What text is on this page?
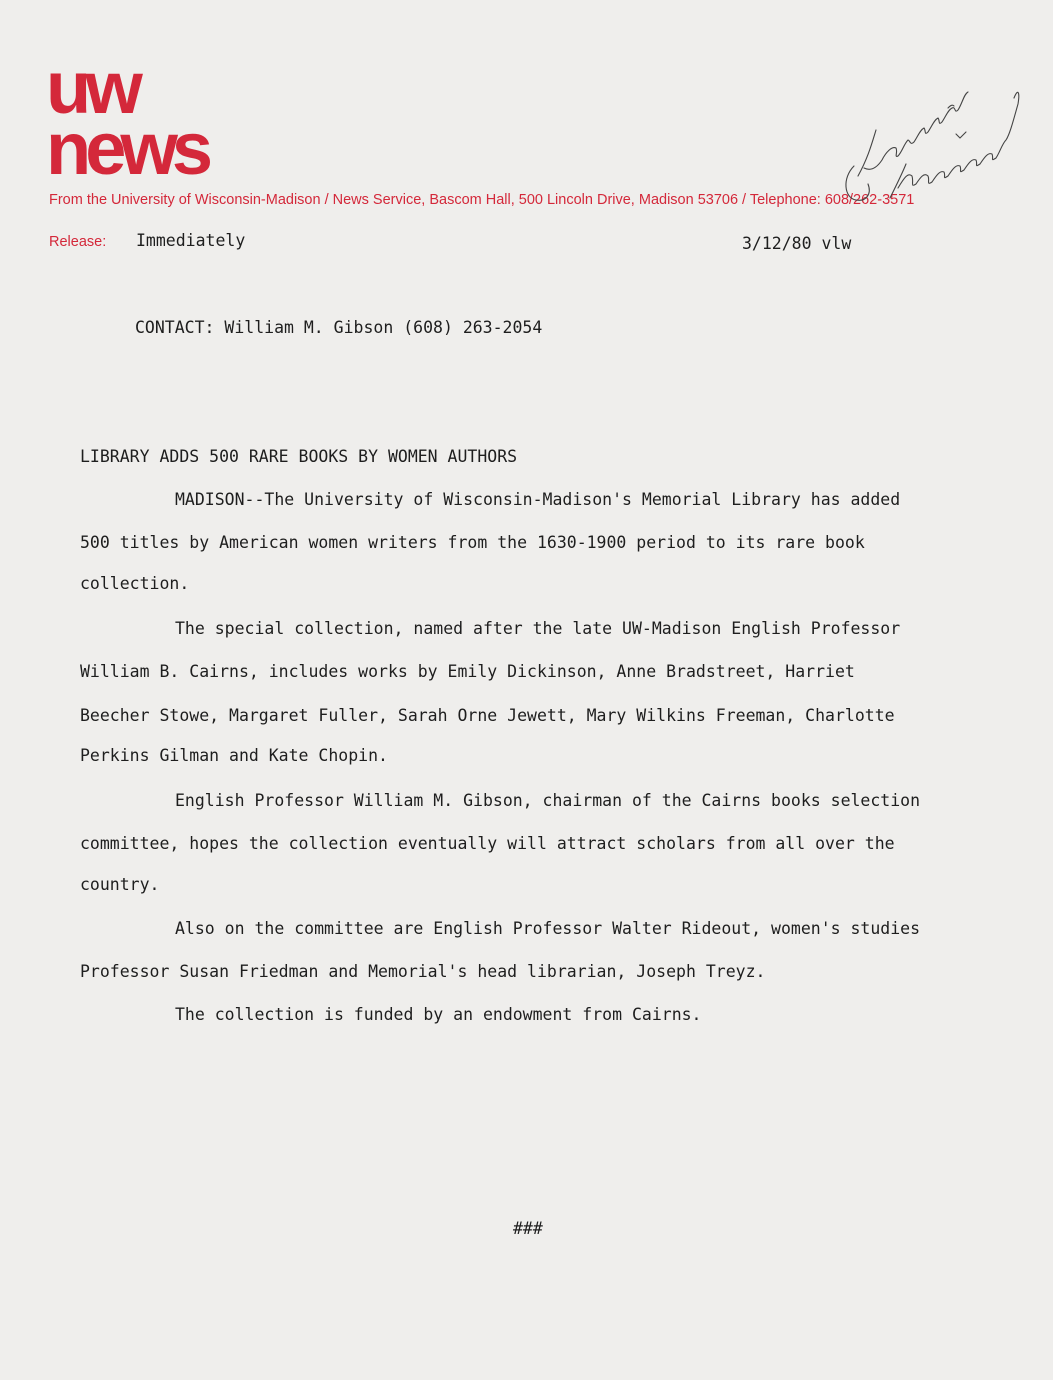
uw
news
From the University of Wisconsin-Madison / News Service, Bascom Hall, 500 Lincoln Drive, Madison 53706 / Telephone: 608/262-3571
Release: Immediately	3/12/80 vlw
CONTACT: William M. Gibson (608) 263-2054
LIBRARY ADDS 500 RARE BOOKS BY WOMEN AUTHORS
MADISON--The University of Wisconsin-Madison's Memorial Library has added
500 titles by American women writers from the 1630-1900 period to its rare book
collection.
The special collection, named after the late UW-Madison English Professor
William B. Cairns, includes works by Emily Dickinson, Anne Bradstreet, Harriet
Beecher Stowe, Margaret Fuller, Sarah Orne Jewett, Mary Wilkins Freeman, Charlotte
Perkins Gilman and Kate Chopin.
English Professor William M. Gibson, chairman of the Cairns books selection
committee, hopes the collection eventually will attract scholars from all over the
country.
Also on the committee are English Professor Walter Rideout, women's studies
Professor Susan Friedman and Memorial's head librarian, Joseph Treyz.
The collection is funded by an endowment from Cairns.
###
